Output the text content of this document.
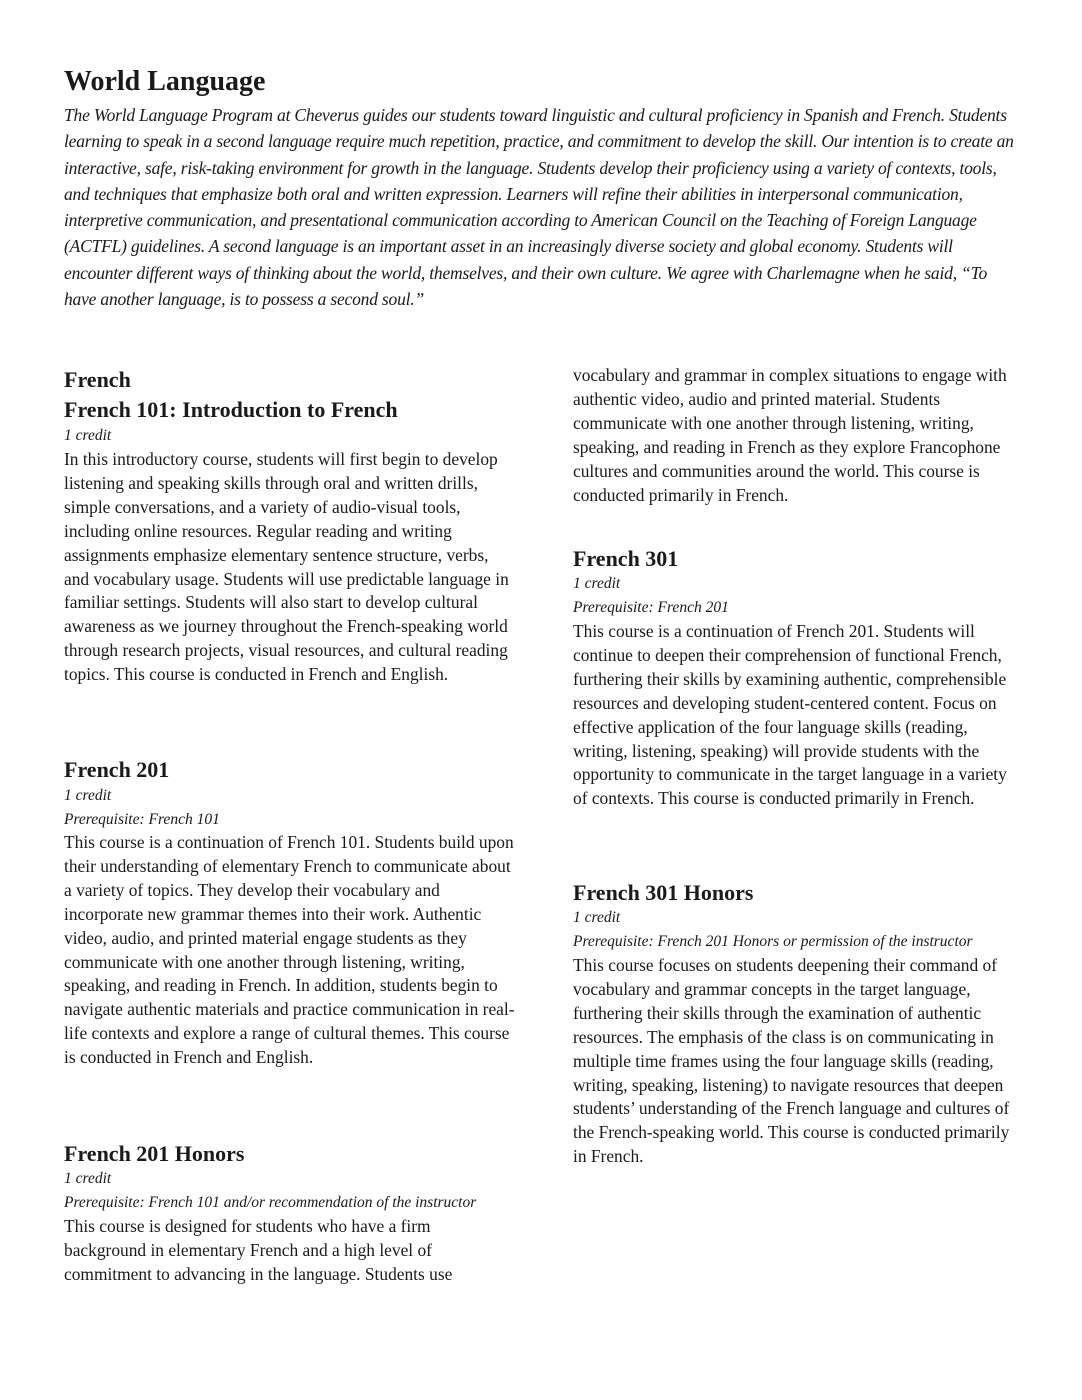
World Language

The World Language Program at Cheverus guides our students toward linguistic and cultural proficiency in Spanish and French. Students learning to speak in a second language require much repetition, practice, and commitment to develop the skill. Our intention is to create an interactive, safe, risk-taking environment for growth in the language. Students develop their proficiency using a variety of contexts, tools, and techniques that emphasize both oral and written expression. Learners will refine their abilities in interpersonal communication, interpretive communication, and presentational communication according to American Council on the Teaching of Foreign Language (ACTFL) guidelines. A second language is an important asset in an increasingly diverse society and global economy. Students will encounter different ways of thinking about the world, themselves, and their own culture. We agree with Charlemagne when he said, “To have another language, is to possess a second soul.”

French
French 101: Introduction to French

1 credit

In this introductory course, students will first begin to develop listening and speaking skills through oral and written drills, simple conversations, and a variety of audio-visual tools, including online resources. Regular reading and writing assignments emphasize elementary sentence structure, verbs, and vocabulary usage. Students will use predictable language in familiar settings. Students will also start to develop cultural awareness as we journey throughout the French-speaking world through research projects, visual resources, and cultural reading topics. This course is conducted in French and English.

French 201

1 credit

Prerequisite: French 101

This course is a continuation of French 101. Students build upon their understanding of elementary French to communicate about a variety of topics. They develop their vocabulary and incorporate new grammar themes into their work. Authentic video, audio, and printed material engage students as they communicate with one another through listening, writing, speaking, and reading in French. In addition, students begin to navigate authentic materials and practice communication in real-life contexts and explore a range of cultural themes. This course is conducted in French and English.

French 201 Honors

1 credit

Prerequisite: French 101 and/or recommendation of the instructor

This course is designed for students who have a firm background in elementary French and a high level of commitment to advancing in the language. Students use

vocabulary and grammar in complex situations to engage with authentic video, audio and printed material. Students communicate with one another through listening, writing, speaking, and reading in French as they explore Francophone cultures and communities around the world. This course is conducted primarily in French.

French 301

1 credit

Prerequisite: French 201

This course is a continuation of French 201. Students will continue to deepen their comprehension of functional French, furthering their skills by examining authentic, comprehensible resources and developing student-centered content. Focus on effective application of the four language skills (reading, writing, listening, speaking) will provide students with the opportunity to communicate in the target language in a variety of contexts. This course is conducted primarily in French.

French 301 Honors

1 credit

Prerequisite: French 201 Honors or permission of the instructor

This course focuses on students deepening their command of vocabulary and grammar concepts in the target language, furthering their skills through the examination of authentic resources. The emphasis of the class is on communicating in multiple time frames using the four language skills (reading, writing, speaking, listening) to navigate resources that deepen students’ understanding of the French language and cultures of the French-speaking world. This course is conducted primarily in French.
